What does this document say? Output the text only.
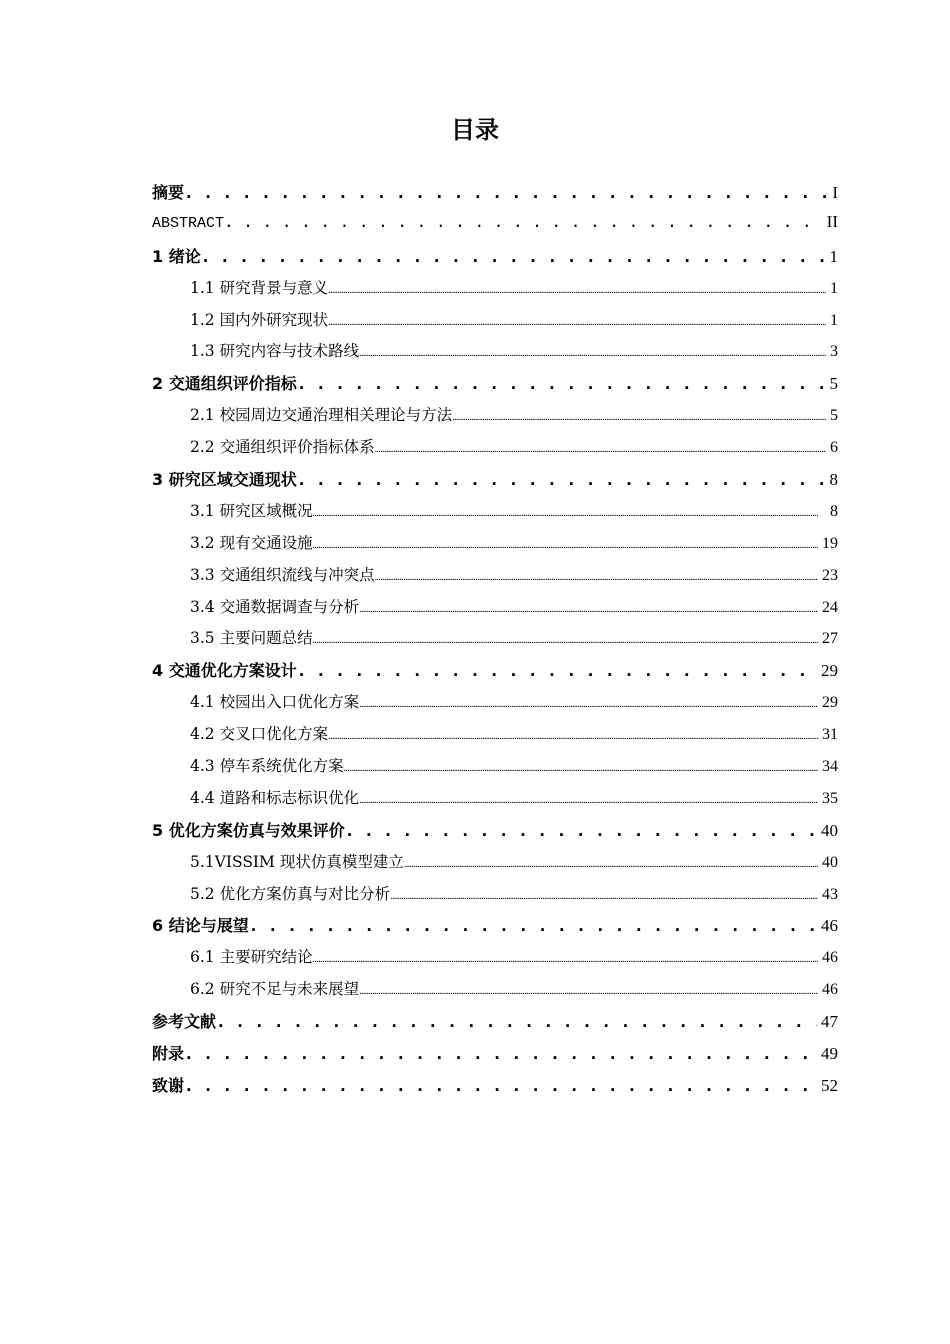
目录
摘要 . . .	I
ABSTRACT . . .	II
1 绪论 . . .	1
1.1 研究背景与意义 .....	1
1.2 国内外研究现状 .....	1
1.3 研究内容与技术路线 .....	3
2 交通组织评价指标 . . .	5
2.1 校园周边交通治理相关理论与方法 .....	5
2.2 交通组织评价指标体系 .....	6
3 研究区域交通现状 . . .	8
3.1 研究区域概况 .....	8
3.2 现有交通设施 .....	19
3.3 交通组织流线与冲突点 .....	23
3.4 交通数据调查与分析 .....	24
3.5 主要问题总结 .....	27
4 交通优化方案设计 . . .	29
4.1 校园出入口优化方案 .....	29
4.2 交叉口优化方案 .....	31
4.3 停车系统优化方案 .....	34
4.4 道路和标志标识优化 .....	35
5 优化方案仿真与效果评价 . . .	40
5.1VISSIM 现状仿真模型建立 .....	40
5.2 优化方案仿真与对比分析 .....	43
6 结论与展望 . . .	46
6.1 主要研究结论 .....	46
6.2 研究不足与未来展望 .....	46
参考文献 . . .	47
附录 . . .	49
致谢 . . .	52
